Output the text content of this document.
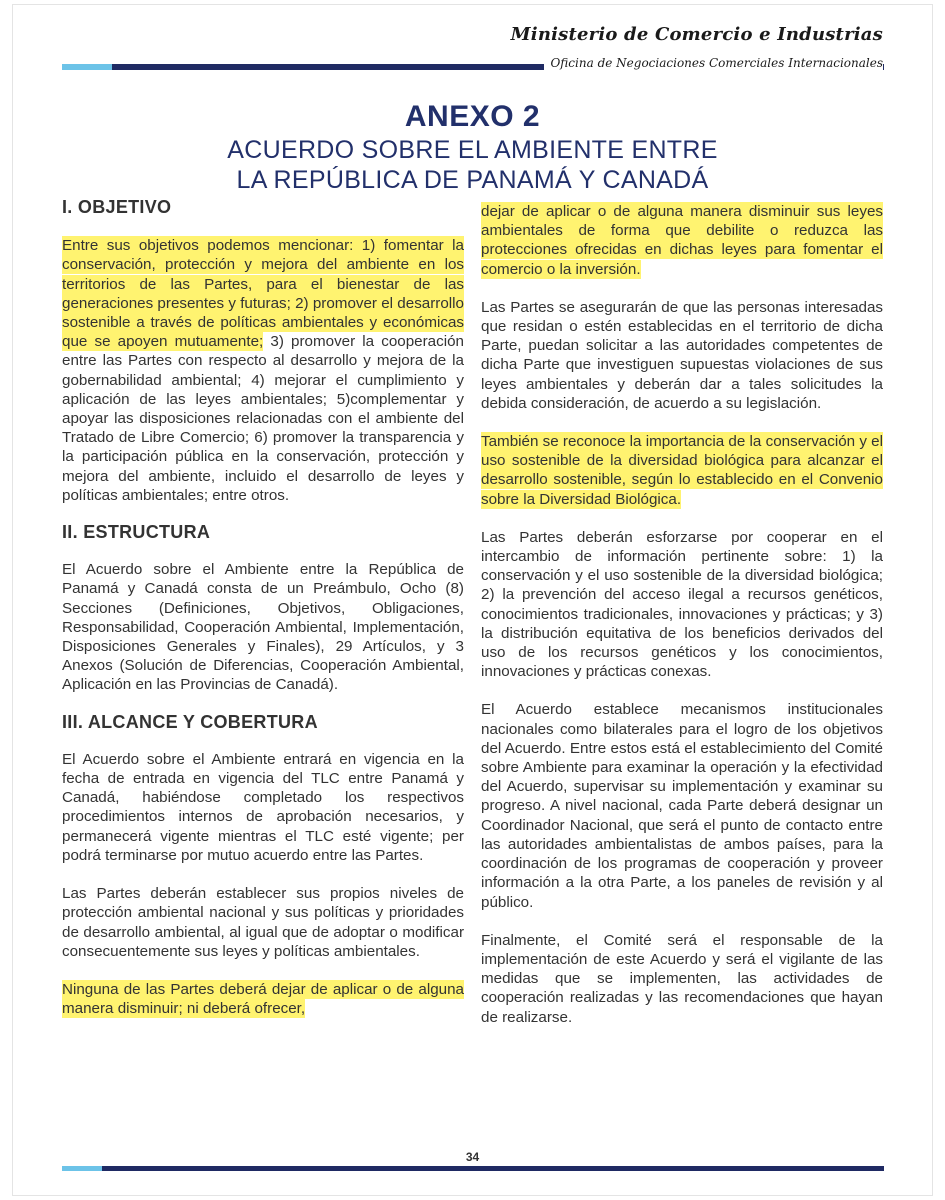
Ministerio de Comercio e Industrias
Oficina de Negociaciones Comerciales Internacionales
ANEXO 2
ACUERDO SOBRE EL AMBIENTE ENTRE
LA REPÚBLICA DE PANAMÁ Y CANADÁ
I. OBJETIVO

Entre sus objetivos podemos mencionar: 1) fomentar la conservación, protección y mejora del ambiente en los territorios de las Partes, para el bienestar de las generaciones presentes y futuras; 2) promover el desarrollo sostenible a través de políticas ambientales y económicas que se apoyen mutuamente; 3) promover la cooperación entre las Partes con respecto al desarrollo y mejora de la gobernabilidad ambiental; 4) mejorar el cumplimiento y aplicación de las leyes ambientales; 5)complementar y apoyar las disposiciones relacionadas con el ambiente del Tratado de Libre Comercio; 6) promover la transparencia y la participación pública en la conservación, protección y mejora del ambiente, incluido el desarrollo de leyes y políticas ambientales; entre otros.

II. ESTRUCTURA

El Acuerdo sobre el Ambiente entre la República de Panamá y Canadá consta de un Preámbulo, Ocho (8) Secciones (Definiciones, Objetivos, Obligaciones, Responsabilidad, Cooperación Ambiental, Implementación, Disposiciones Generales y Finales), 29 Artículos, y 3 Anexos (Solución de Diferencias, Cooperación Ambiental, Aplicación en las Provincias de Canadá).

III. ALCANCE Y COBERTURA

El Acuerdo sobre el Ambiente entrará en vigencia en la fecha de entrada en vigencia del TLC entre Panamá y Canadá, habiéndose completado los respectivos procedimientos internos de aprobación necesarios, y permanecerá vigente mientras el TLC esté vigente; per podrá terminarse por mutuo acuerdo entre las Partes.

Las Partes deberán establecer sus propios niveles de protección ambiental nacional y sus políticas y prioridades de desarrollo ambiental, al igual que de adoptar o modificar consecuentemente sus leyes y políticas ambientales.

Ninguna de las Partes deberá dejar de aplicar o de alguna manera disminuir; ni deberá ofrecer,

dejar de aplicar o de alguna manera disminuir sus leyes ambientales de forma que debilite o reduzca las protecciones ofrecidas en dichas leyes para fomentar el comercio o la inversión.

Las Partes se asegurarán de que las personas interesadas que residan o estén establecidas en el territorio de dicha Parte, puedan solicitar a las autoridades competentes de dicha Parte que investiguen supuestas violaciones de sus leyes ambientales y deberán dar a tales solicitudes la debida consideración, de acuerdo a su legislación.

También se reconoce la importancia de la conservación y el uso sostenible de la diversidad biológica para alcanzar el desarrollo sostenible, según lo establecido en el Convenio sobre la Diversidad Biológica.

Las Partes deberán esforzarse por cooperar en el intercambio de información pertinente sobre: 1) la conservación y el uso sostenible de la diversidad biológica; 2) la prevención del acceso ilegal a recursos genéticos, conocimientos tradicionales, innovaciones y prácticas; y 3) la distribución equitativa de los beneficios derivados del uso de los recursos genéticos y los conocimientos, innovaciones y prácticas conexas.

El Acuerdo establece mecanismos institucionales nacionales como bilaterales para el logro de los objetivos del Acuerdo. Entre estos está el establecimiento del Comité sobre Ambiente para examinar la operación y la efectividad del Acuerdo, supervisar su implementación y examinar su progreso. A nivel nacional, cada Parte deberá designar un Coordinador Nacional, que será el punto de contacto entre las autoridades ambientalistas de ambos países, para la coordinación de los programas de cooperación y proveer información a la otra Parte, a los paneles de revisión y al público.

Finalmente, el Comité será el responsable de la implementación de este Acuerdo y será el vigilante de las medidas que se implementen, las actividades de cooperación realizadas y las recomendaciones que hayan de realizarse.

34
